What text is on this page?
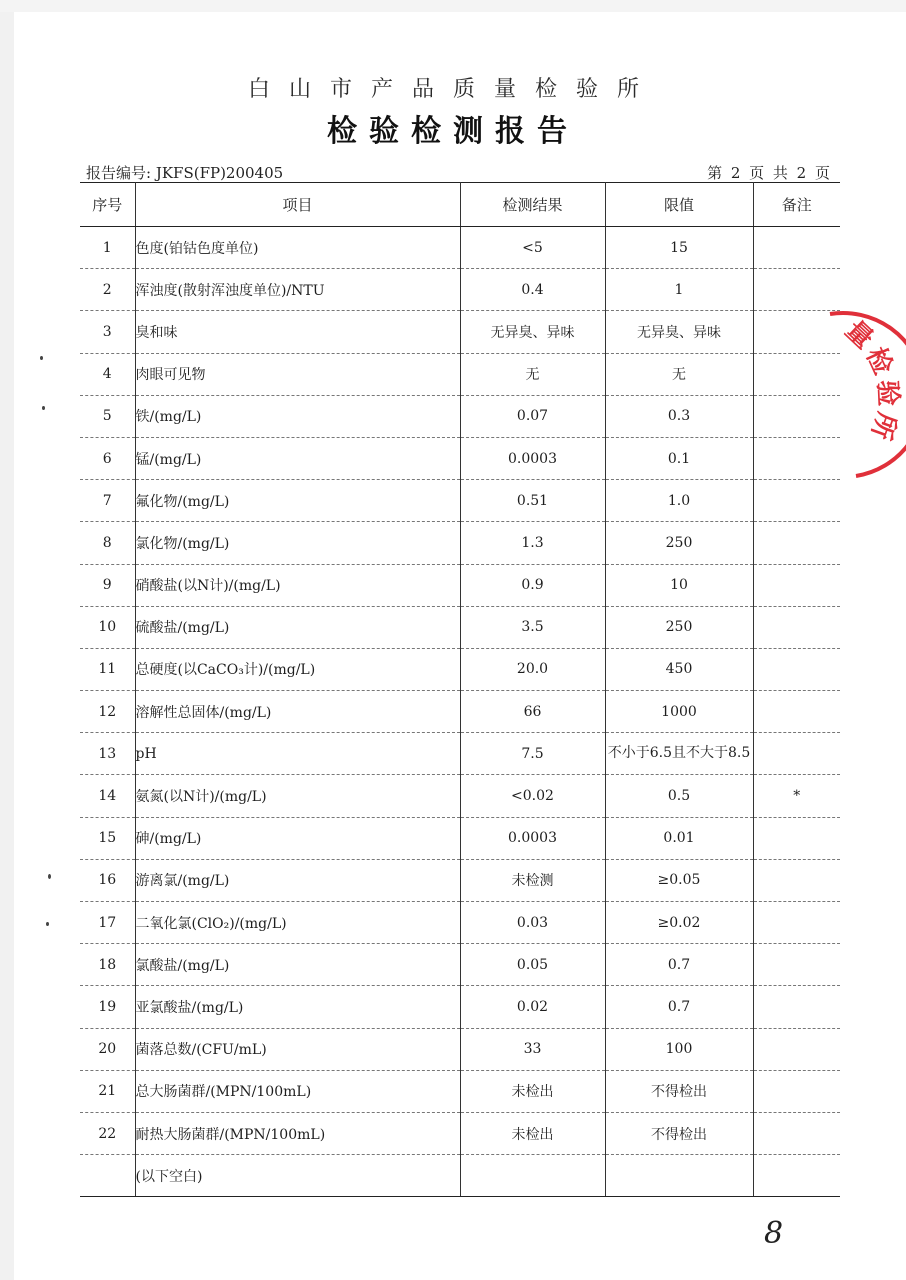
白山市产品质量检验所
检验检测报告
报告编号: JKFS(FP)200405	第 2 页 共 2 页
序号	项目	检测结果	限值	备注
1	色度(铂钴色度单位)	<5	15	
2	浑浊度(散射浑浊度单位)/NTU	0.4	1	
3	臭和味	无异臭、异味	无异臭、异味	
4	肉眼可见物	无	无	
5	铁/(mg/L)	0.07	0.3	
6	锰/(mg/L)	0.0003	0.1	
7	氟化物/(mg/L)	0.51	1.0	
8	氯化物/(mg/L)	1.3	250	
9	硝酸盐(以N计)/(mg/L)	0.9	10	
10	硫酸盐/(mg/L)	3.5	250	
11	总硬度(以CaCO₃计)/(mg/L)	20.0	450	
12	溶解性总固体/(mg/L)	66	1000	
13	pH	7.5	不小于6.5且不大于8.5	

14	氨氮(以N计)/(mg/L)	<0.02	0.5	*
15	砷/(mg/L)	0.0003	0.01	
16	游离氯/(mg/L)	未检测	≥0.05	
17	二氧化氯(ClO₂)/(mg/L)	0.03	≥0.02	
18	氯酸盐/(mg/L)	0.05	0.7	
19	亚氯酸盐/(mg/L)	0.02	0.7	
20	菌落总数/(CFU/mL)	33	100	
21	总大肠菌群/(MPN/100mL)	未检出	不得检出	
22	耐热大肠菌群/(MPN/100mL)	未检出	不得检出	
	(以下空白)			
量检验所
8
